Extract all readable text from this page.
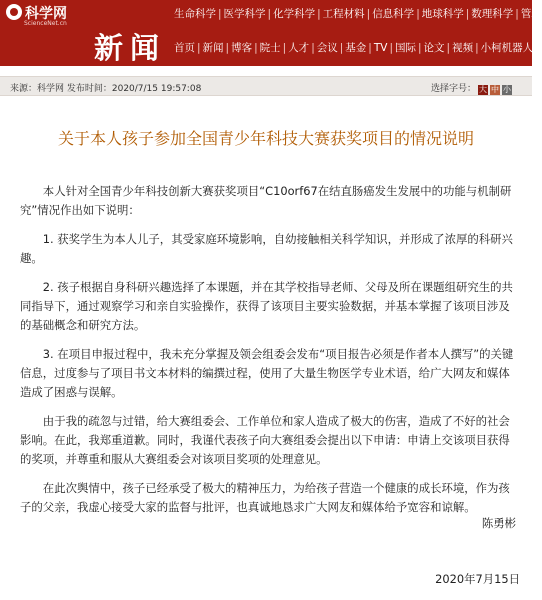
科学网
ScienceNet.cn
新闻
生命科学 | 医学科学 | 化学科学 | 工程材料 | 信息科学 | 地球科学 | 数理科学 | 管理
首页 | 新闻 | 博客 | 院士 | 人才 | 会议 | 基金 | TV | 国际 | 论文 | 视频 | 小柯机器人
来源：科学网 发布时间：2020/7/15 19:57:08	选择字号： 大 中 小
关于本人孩子参加全国青少年科技大赛获奖项目的情况说明

本人针对全国青少年科技创新大赛获奖项目“C10orf67在结直肠癌发生发展中的功能与机制研究”情况作出如下说明：

1. 获奖学生为本人儿子，其受家庭环境影响，自幼接触相关科学知识，并形成了浓厚的科研兴趣。

2. 孩子根据自身科研兴趣选择了本课题，并在其学校指导老师、父母及所在课题组研究生的共同指导下，通过观察学习和亲自实验操作，获得了该项目主要实验数据，并基本掌握了该项目涉及的基础概念和研究方法。

3. 在项目申报过程中，我未充分掌握及领会组委会发布“项目报告必须是作者本人撰写”的关键信息，过度参与了项目书文本材料的编撰过程，使用了大量生物医学专业术语，给广大网友和媒体造成了困惑与误解。

由于我的疏忽与过错，给大赛组委会、工作单位和家人造成了极大的伤害，造成了不好的社会影响。在此，我郑重道歉。同时，我谨代表孩子向大赛组委会提出以下申请：申请上交该项目获得的奖项，并尊重和服从大赛组委会对该项目奖项的处理意见。

在此次舆情中，孩子已经承受了极大的精神压力，为给孩子营造一个健康的成长环境，作为孩子的父亲，我虚心接受大家的监督与批评，也真诚地恳求广大网友和媒体给予宽容和谅解。

陈勇彬
2020年7月15日
